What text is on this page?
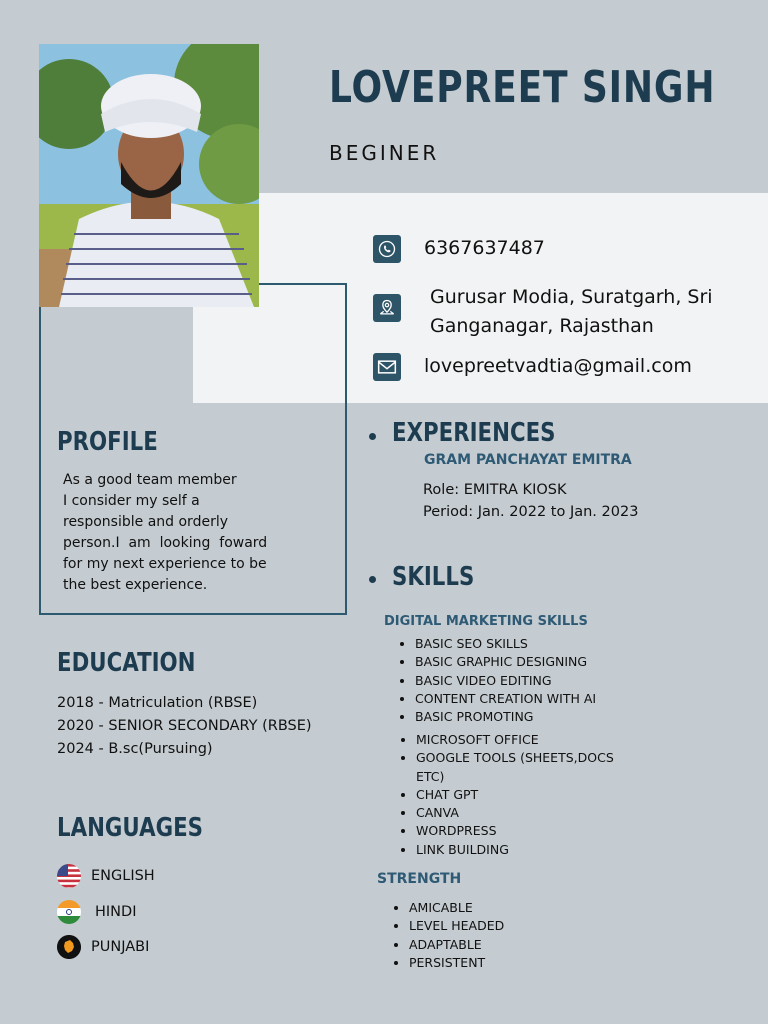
LOVEPREET SINGH
BEGINER
6367637487
Gurusar Modia, Suratgarh, Sri
Ganganagar, Rajasthan
lovepreetvadtia@gmail.com
PROFILE
As a good team member
I consider my self a
responsible and orderly
person.I  am  looking  foward
for my next experience to be
the best experience.
EDUCATION
2018 - Matriculation (RBSE)
2020 - SENIOR SECONDARY (RBSE)
2024 - B.sc(Pursuing)
LANGUAGES
ENGLISH
HINDI
PUNJABI
EXPERIENCES
GRAM PANCHAYAT EMITRA
Role: EMITRA KIOSK
Period: Jan. 2022 to Jan. 2023
SKILLS
DIGITAL MARKETING SKILLS
• BASIC SEO SKILLS
• BASIC GRAPHIC DESIGNING
• BASIC VIDEO EDITING
• CONTENT CREATION WITH AI
• BASIC PROMOTING
• MICROSOFT OFFICE
• GOOGLE TOOLS (SHEETS,DOCS
ETC)
• CHAT GPT
• CANVA
• WORDPRESS
• LINK BUILDING
STRENGTH
• AMICABLE
• LEVEL HEADED
• ADAPTABLE
• PERSISTENT
